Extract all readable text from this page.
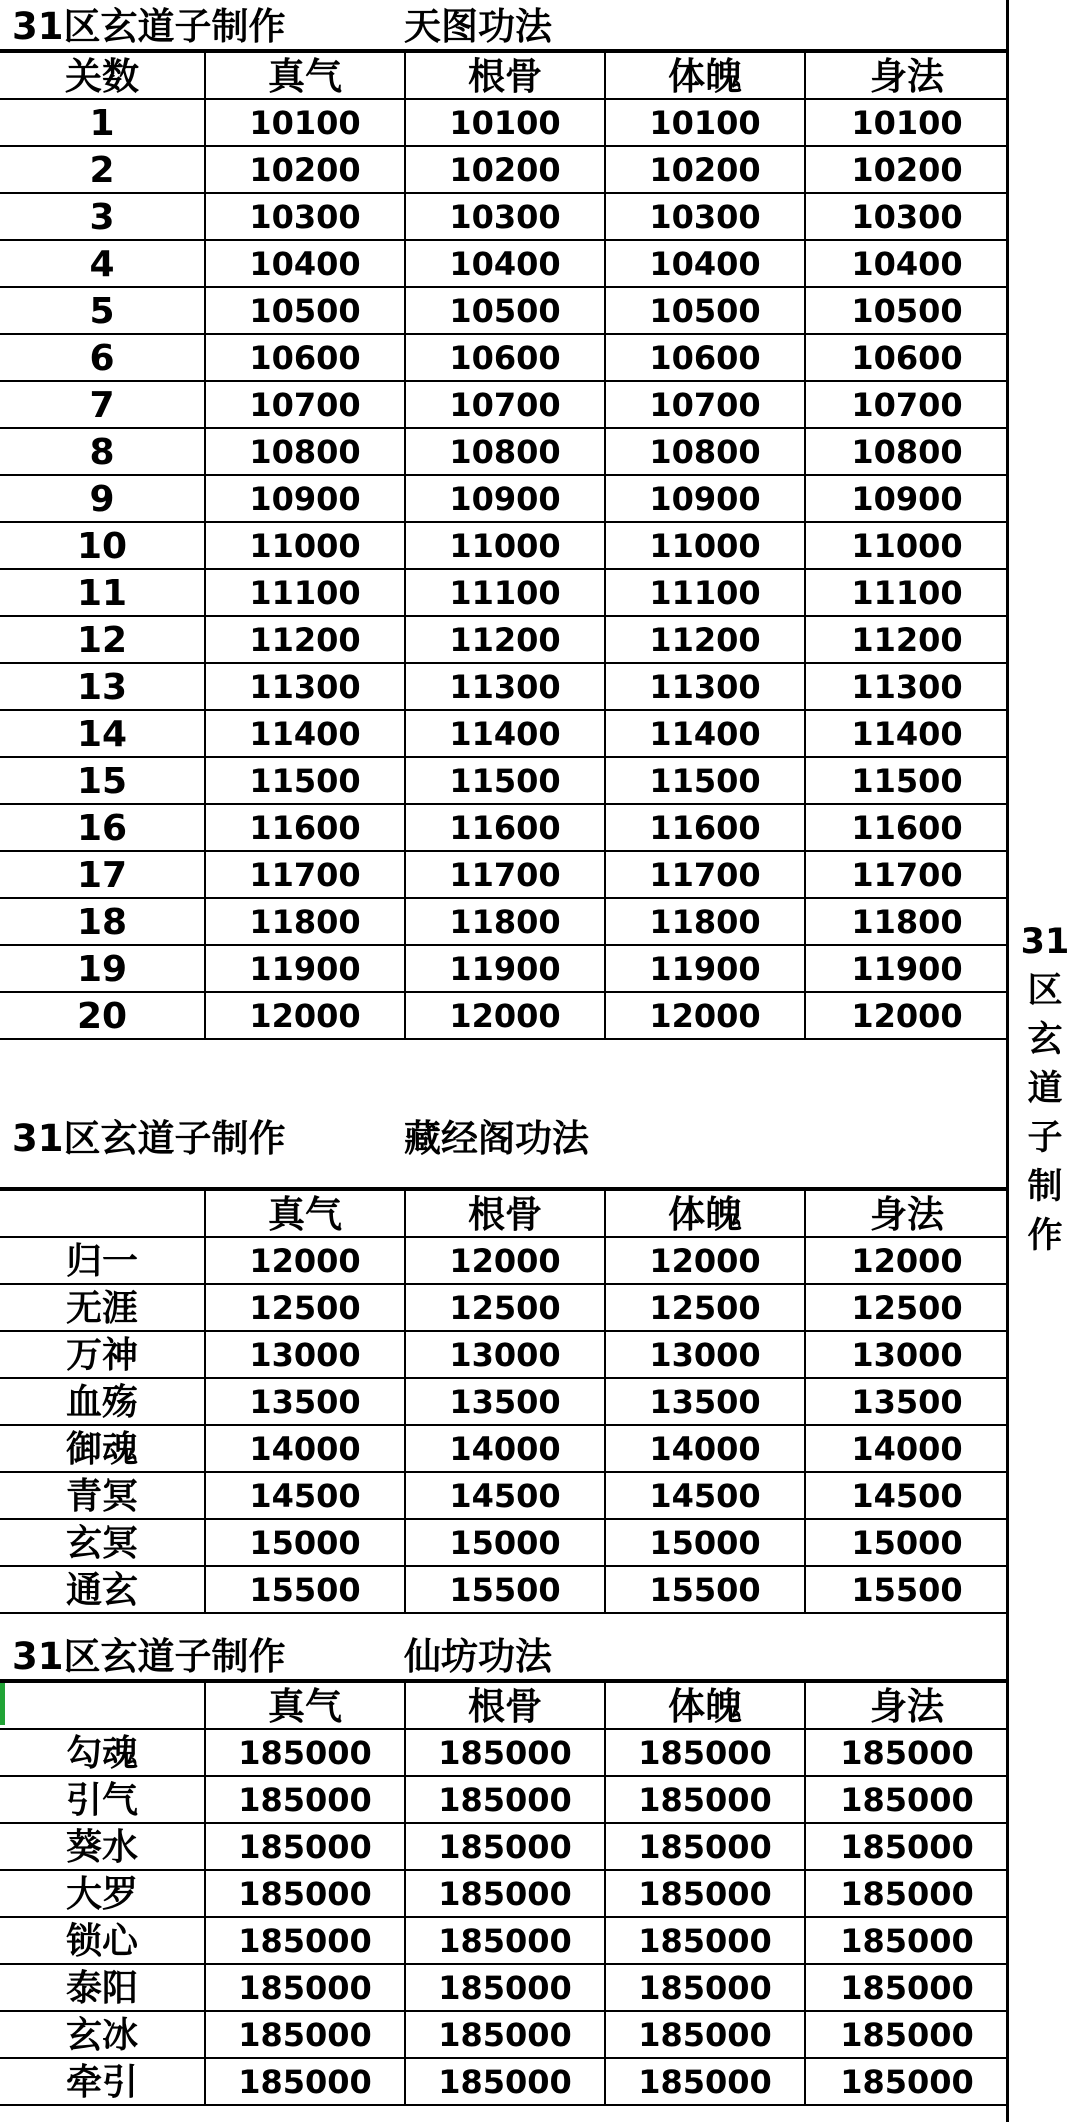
31
区
玄
道
子
制
作
31区玄道子制作	天图功法
关数	真气	根骨	体魄	身法
1	10100	10100	10100	10100
2	10200	10200	10200	10200
3	10300	10300	10300	10300
4	10400	10400	10400	10400
5	10500	10500	10500	10500
6	10600	10600	10600	10600
7	10700	10700	10700	10700
8	10800	10800	10800	10800
9	10900	10900	10900	10900
10	11000	11000	11000	11000
11	11100	11100	11100	11100
12	11200	11200	11200	11200
13	11300	11300	11300	11300
14	11400	11400	11400	11400
15	11500	11500	11500	11500
16	11600	11600	11600	11600
17	11700	11700	11700	11700
18	11800	11800	11800	11800
19	11900	11900	11900	11900
20	12000	12000	12000	12000
31区玄道子制作	藏经阁功法
	真气	根骨	体魄	身法
归一	12000	12000	12000	12000
无涯	12500	12500	12500	12500
万神	13000	13000	13000	13000
血殇	13500	13500	13500	13500
御魂	14000	14000	14000	14000
青冥	14500	14500	14500	14500
玄冥	15000	15000	15000	15000
通玄	15500	15500	15500	15500
31区玄道子制作	仙坊功法
	真气	根骨	体魄	身法
勾魂	185000	185000	185000	185000
引气	185000	185000	185000	185000
葵水	185000	185000	185000	185000
大罗	185000	185000	185000	185000
锁心	185000	185000	185000	185000
泰阳	185000	185000	185000	185000
玄冰	185000	185000	185000	185000
牵引	185000	185000	185000	185000
